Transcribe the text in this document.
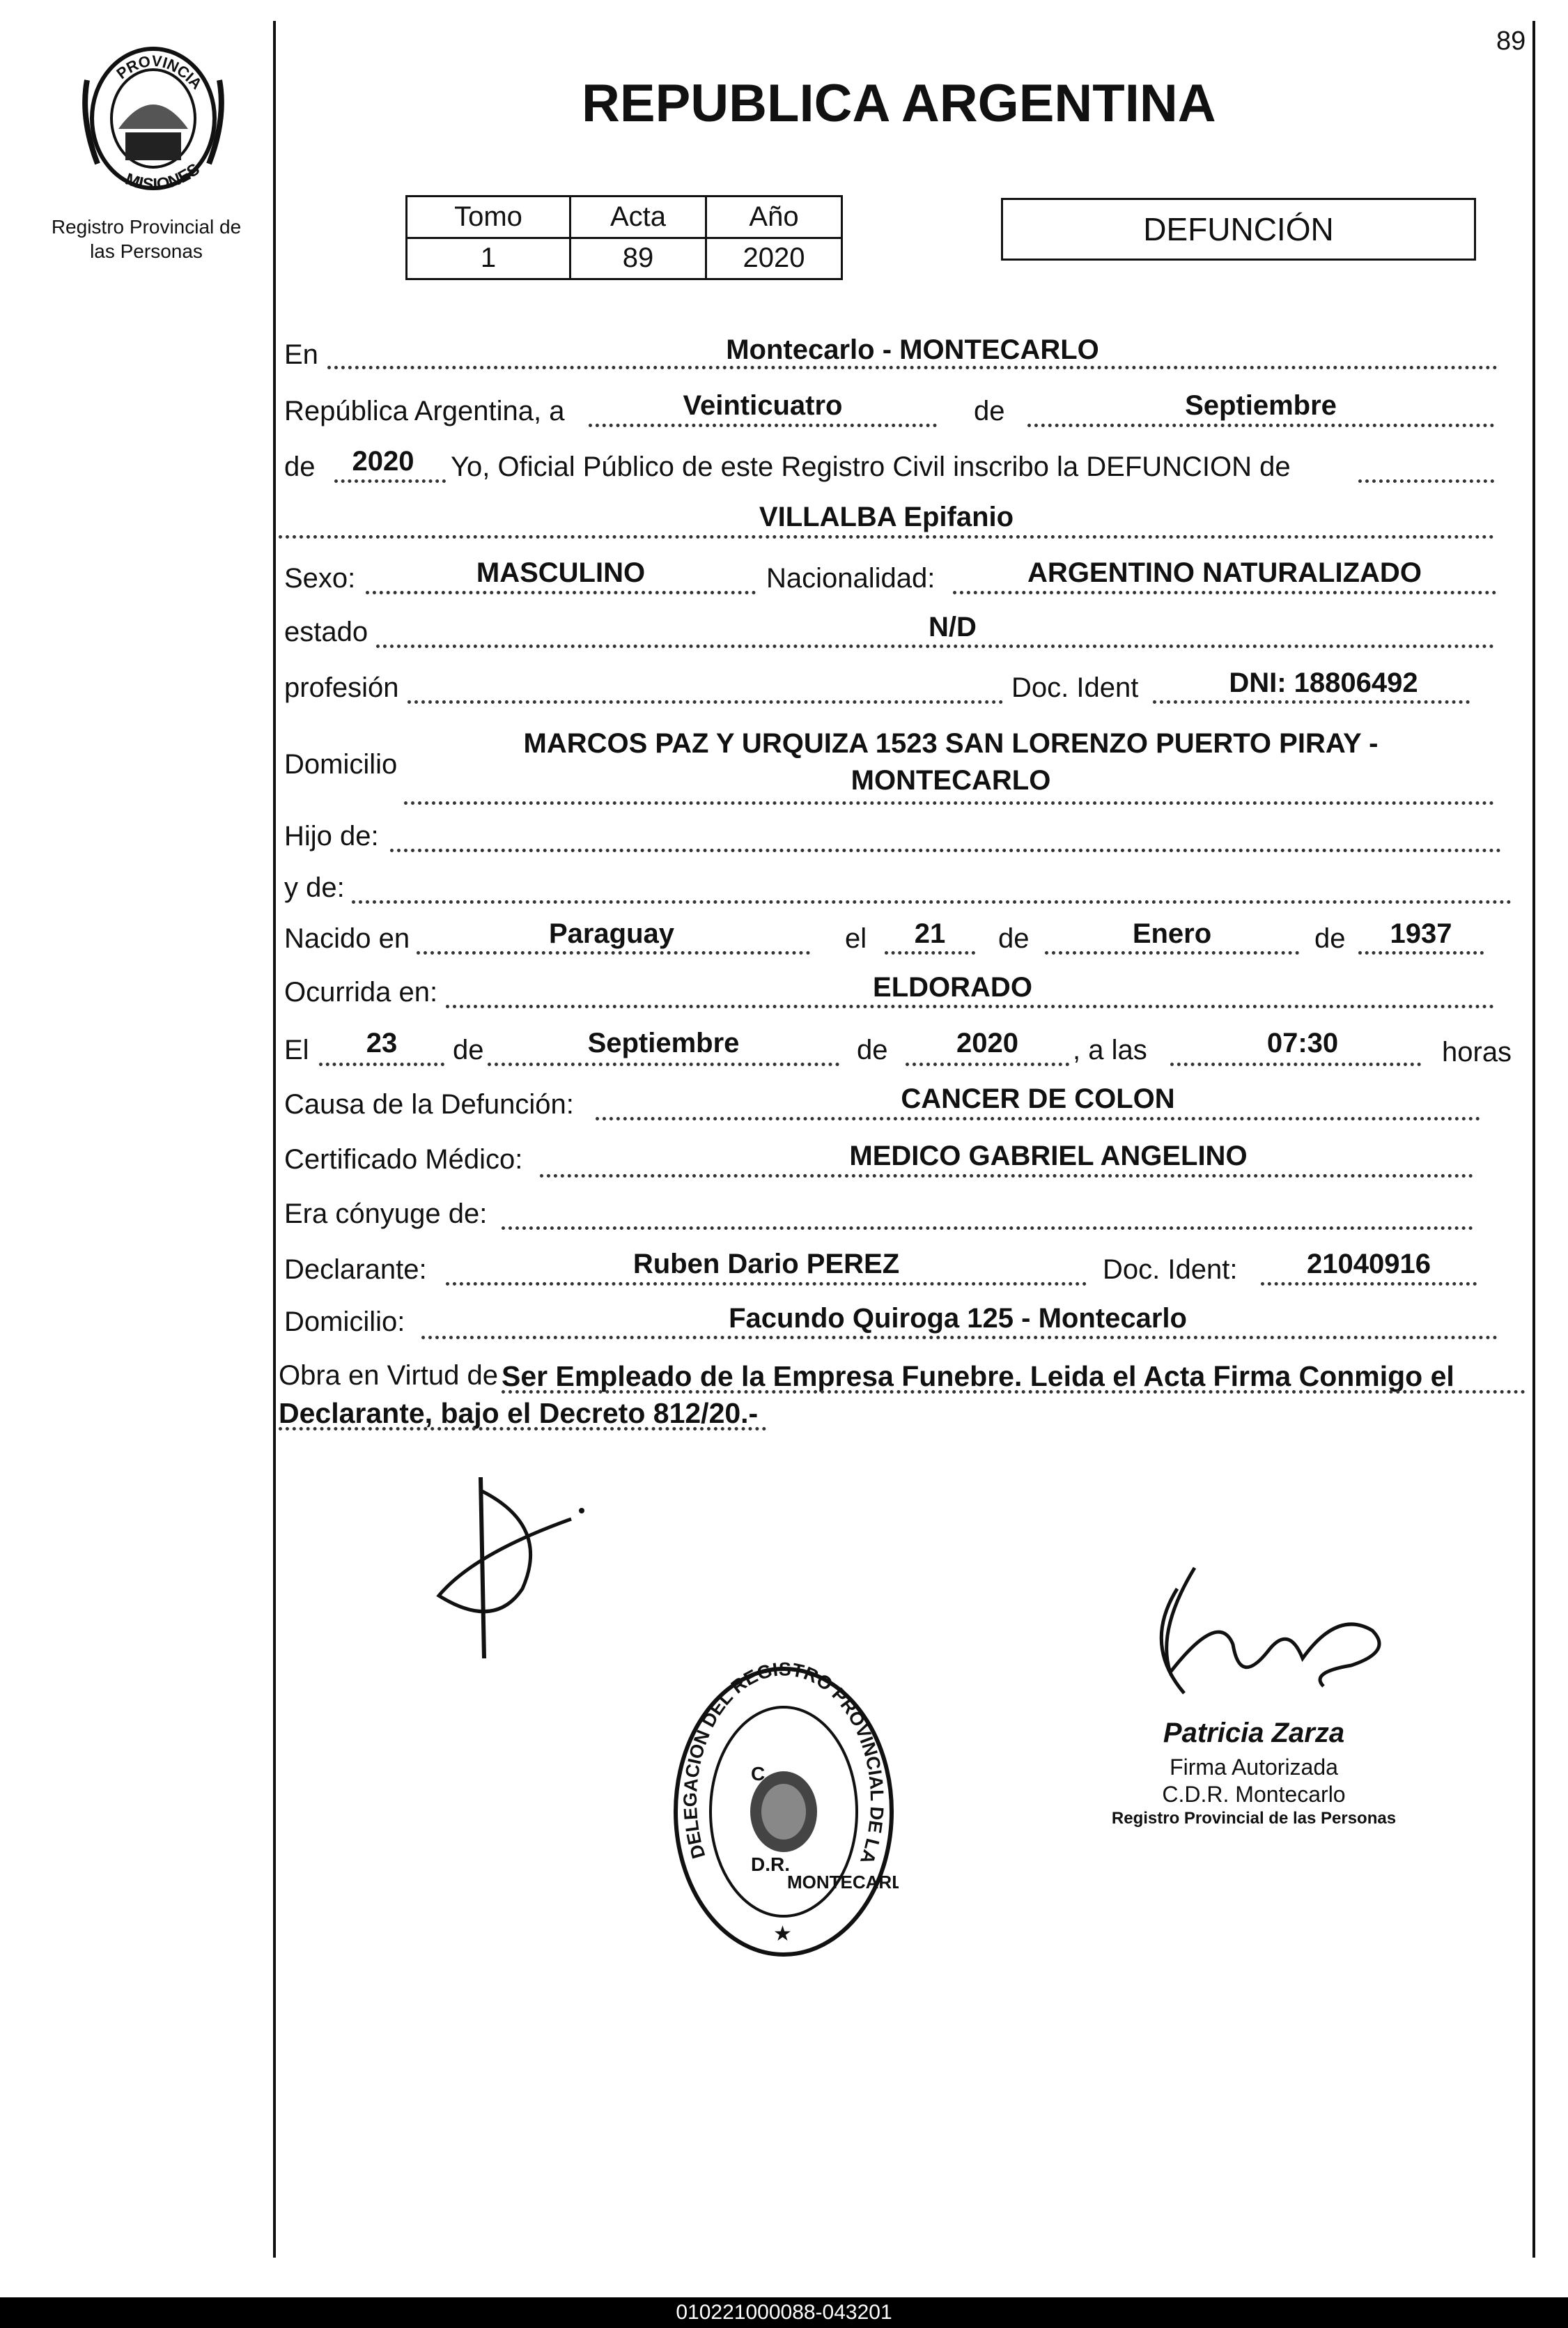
89
PROVINCIA
MISIONES
Registro Provincial de
las Personas
REPUBLICA ARGENTINA
Tomo	Acta	Año
1	89	2020
DEFUNCIÓN
En	Montecarlo - MONTECARLO
República Argentina, a	Veinticuatro	de	Septiembre
de	2020	Yo, Oficial Público de este Registro Civil inscribo la DEFUNCION de
VILLALBA Epifanio
Sexo:	MASCULINO	Nacionalidad:	ARGENTINO NATURALIZADO
estado	N/D
profesión	Doc. Ident	DNI: 18806492
Domicilio
MARCOS PAZ Y URQUIZA 1523 SAN LORENZO PUERTO PIRAY -
MONTECARLO
Hijo de:
y de:
Nacido en	Paraguay	el	21	de	Enero	de	1937
Ocurrida en:	ELDORADO
El	23	de	Septiembre	de	2020	, a las	07:30	horas
Causa de la Defunción:	CANCER DE COLON
Certificado Médico:	MEDICO GABRIEL ANGELINO
Era cónyuge de:
Declarante:	Ruben Dario PEREZ	Doc. Ident:	21040916
Domicilio:	Facundo Quiroga 125 - Montecarlo
Obra en Virtud de Ser Empleado de la Empresa Funebre. Leida el Acta Firma Conmigo el
Declarante, bajo el Decreto 812/20.-
Patricia Zarza
Firma Autorizada
C.D.R. Montecarlo
Registro Provincial de las Personas
DELEGACION DEL REGISTRO PROVINCIAL DE LA
C
D.R.
MONTECARL
★
010221000088-043201
